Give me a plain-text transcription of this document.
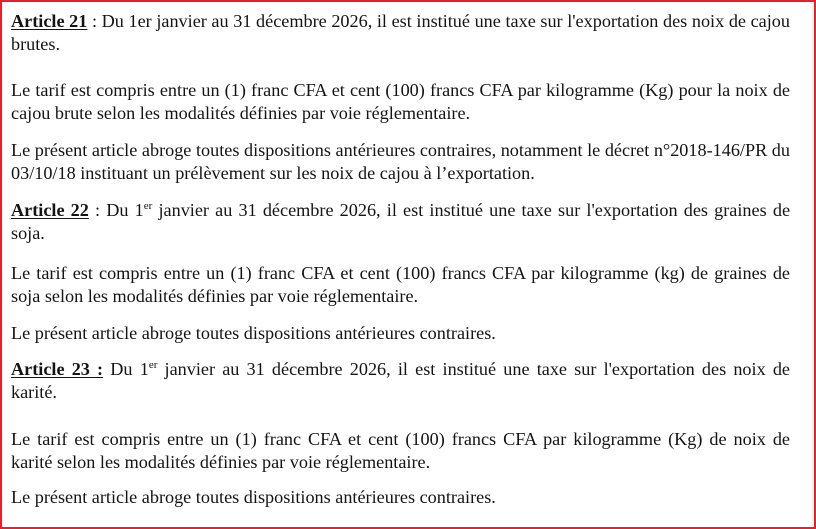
Article 21 : Du 1er janvier au 31 décembre 2026, il est institué une taxe sur l'exportation des noix de cajou brutes.

Le tarif est compris entre un (1) franc CFA et cent (100) francs CFA par kilogramme (Kg) pour la noix de cajou brute selon les modalités définies par voie réglementaire.

Le présent article abroge toutes dispositions antérieures contraires, notamment le décret n°2018-146/PR du 03/10/18 instituant un prélèvement sur les noix de cajou à l’exportation.

Article 22 : Du 1er janvier au 31 décembre 2026, il est institué une taxe sur l'exportation des graines de soja.

Le tarif est compris entre un (1) franc CFA et cent (100) francs CFA par kilogramme (kg) de graines de soja selon les modalités définies par voie réglementaire.

Le présent article abroge toutes dispositions antérieures contraires.

Article 23 : Du 1er janvier au 31 décembre 2026, il est institué une taxe sur l'exportation des noix de karité.

Le tarif est compris entre un (1) franc CFA et cent (100) francs CFA par kilogramme (Kg) de noix de karité selon les modalités définies par voie réglementaire.

Le présent article abroge toutes dispositions antérieures contraires.
